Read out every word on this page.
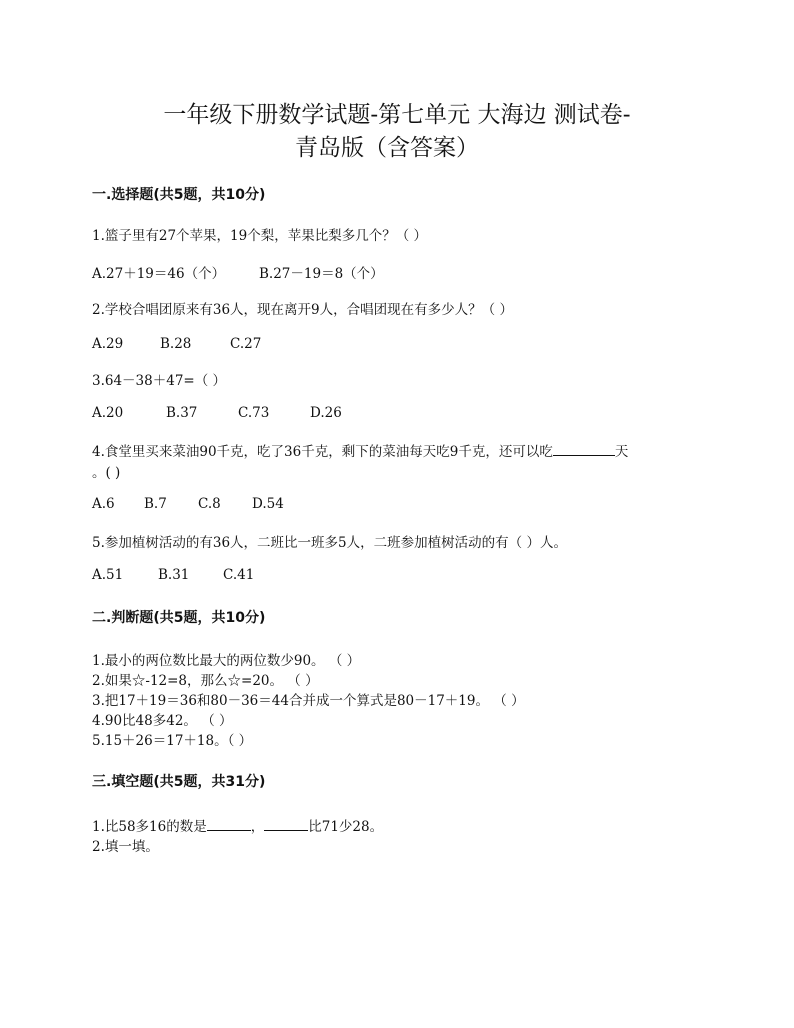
一年级下册数学试题-第七单元 大海边 测试卷-
青岛版（含答案）
一.选择题(共5题，共10分)
1.篮子里有27个苹果，19个梨，苹果比梨多几个？（ ）
A.27＋19＝46（个）	B.27－19＝8（个）
2.学校合唱团原来有36人，现在离开9人，合唱团现在有多少人？（ ）
A.29	B.28	C.27
3.64－38＋47=（ ）
A.20	B.37	C.73	D.26
4.食堂里买来菜油90千克，吃了36千克，剩下的菜油每天吃9千克，还可以吃	天
。( )
A.6 B.7 C.8 D.54
5.参加植树活动的有36人，二班比一班多5人，二班参加植树活动的有（ ）人。
A.51	B.31 C.41
二.判断题(共5题，共10分)
1.最小的两位数比最大的两位数少90。 （ ）
2.如果☆-12=8，那么☆=20。 （ ）
3.把17＋19＝36和80－36＝44合并成一个算式是80－17＋19。 （ ）
4.90比48多42。 （ ）
5.15＋26＝17＋18。（ ）
三.填空题(共5题，共31分)
1.比58多16的数是	，	比71少28。
2.填一填。
